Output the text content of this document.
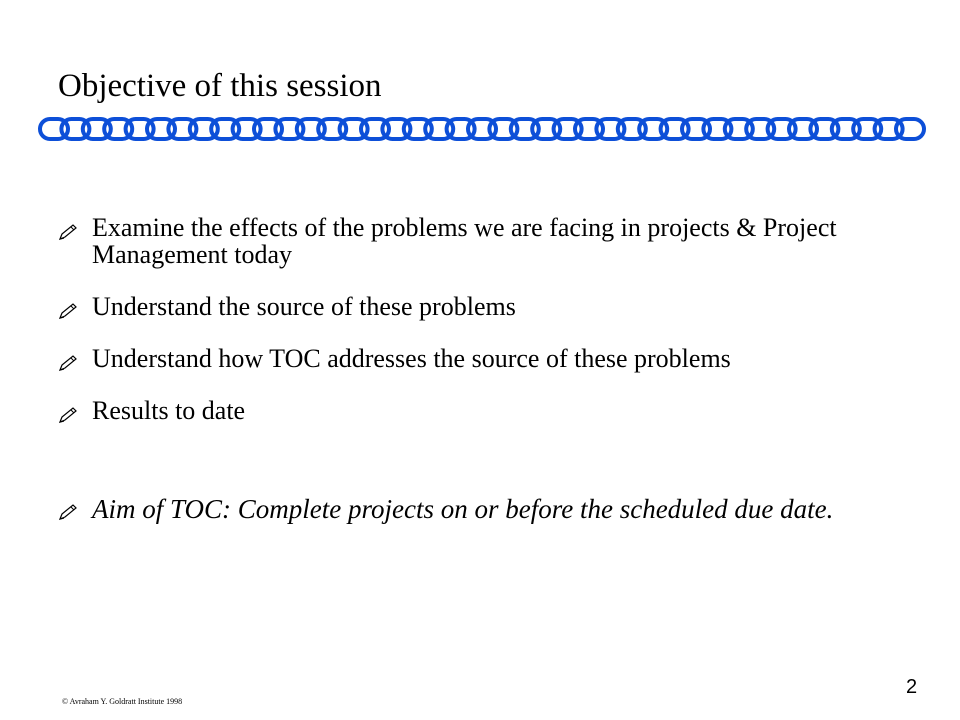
Objective of this session
Examine the effects of the problems we are facing in projects & Project Management today
Understand the source of these problems
Understand how TOC addresses the source of these problems
Results to date
Aim of TOC: Complete projects on or before the scheduled due date.
© Avraham Y. Goldratt Institute 1998
2
